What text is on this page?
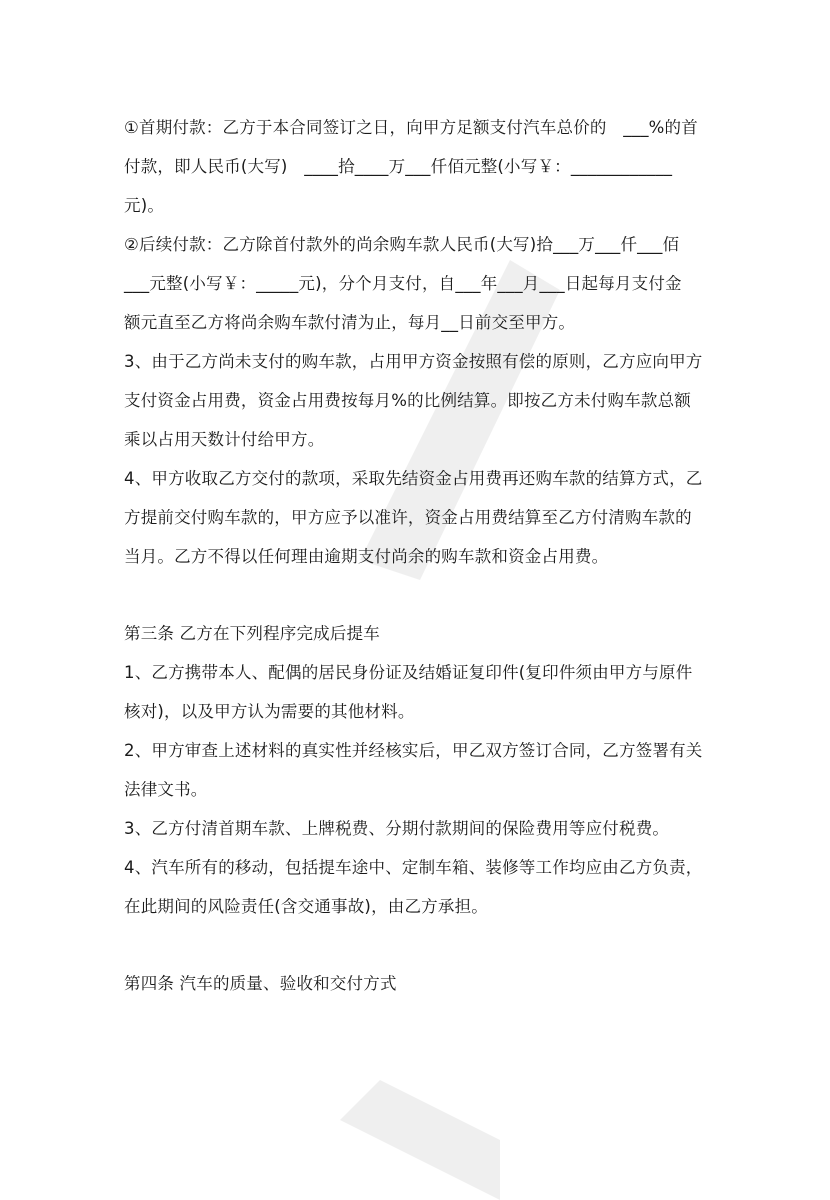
①首期付款：乙方于本合同签订之日，向甲方足额支付汽车总价的　___%的首
付款，即人民币(大写)　____拾____万___仟佰元整(小写￥：____________
元)。
②后续付款：乙方除首付款外的尚余购车款人民币(大写)拾___万___仟___佰
___元整(小写￥：_____元)，分个月支付，自___年___月___日起每月支付金
额元直至乙方将尚余购车款付清为止，每月__日前交至甲方。
3、由于乙方尚未支付的购车款，占用甲方资金按照有偿的原则，乙方应向甲方
支付资金占用费，资金占用费按每月%的比例结算。即按乙方未付购车款总额
乘以占用天数计付给甲方。
4、甲方收取乙方交付的款项，采取先结资金占用费再还购车款的结算方式，乙
方提前交付购车款的，甲方应予以准许，资金占用费结算至乙方付清购车款的
当月。乙方不得以任何理由逾期支付尚余的购车款和资金占用费。
第三条 乙方在下列程序完成后提车
1、乙方携带本人、配偶的居民身份证及结婚证复印件(复印件须由甲方与原件
核对)，以及甲方认为需要的其他材料。
2、甲方审查上述材料的真实性并经核实后，甲乙双方签订合同，乙方签署有关
法律文书。
3、乙方付清首期车款、上牌税费、分期付款期间的保险费用等应付税费。
4、汽车所有的移动，包括提车途中、定制车箱、装修等工作均应由乙方负责，
在此期间的风险责任(含交通事故)，由乙方承担。
第四条 汽车的质量、验收和交付方式
